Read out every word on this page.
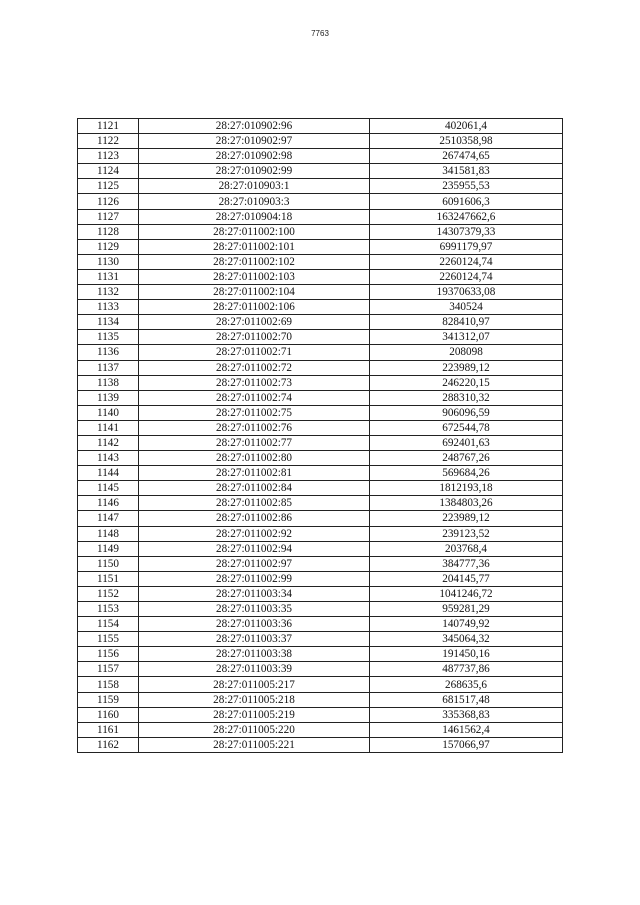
7763
1121	28:27:010902:96	402061,4
1122	28:27:010902:97	2510358,98
1123	28:27:010902:98	267474,65
1124	28:27:010902:99	341581,83
1125	28:27:010903:1	235955,53
1126	28:27:010903:3	6091606,3
1127	28:27:010904:18	163247662,6
1128	28:27:011002:100	14307379,33
1129	28:27:011002:101	6991179,97
1130	28:27:011002:102	2260124,74
1131	28:27:011002:103	2260124,74
1132	28:27:011002:104	19370633,08
1133	28:27:011002:106	340524
1134	28:27:011002:69	828410,97
1135	28:27:011002:70	341312,07
1136	28:27:011002:71	208098
1137	28:27:011002:72	223989,12
1138	28:27:011002:73	246220,15
1139	28:27:011002:74	288310,32
1140	28:27:011002:75	906096,59
1141	28:27:011002:76	672544,78
1142	28:27:011002:77	692401,63
1143	28:27:011002:80	248767,26
1144	28:27:011002:81	569684,26
1145	28:27:011002:84	1812193,18
1146	28:27:011002:85	1384803,26
1147	28:27:011002:86	223989,12
1148	28:27:011002:92	239123,52
1149	28:27:011002:94	203768,4
1150	28:27:011002:97	384777,36
1151	28:27:011002:99	204145,77
1152	28:27:011003:34	1041246,72
1153	28:27:011003:35	959281,29
1154	28:27:011003:36	140749,92
1155	28:27:011003:37	345064,32
1156	28:27:011003:38	191450,16
1157	28:27:011003:39	487737,86
1158	28:27:011005:217	268635,6
1159	28:27:011005:218	681517,48
1160	28:27:011005:219	335368,83
1161	28:27:011005:220	1461562,4
1162	28:27:011005:221	157066,97
